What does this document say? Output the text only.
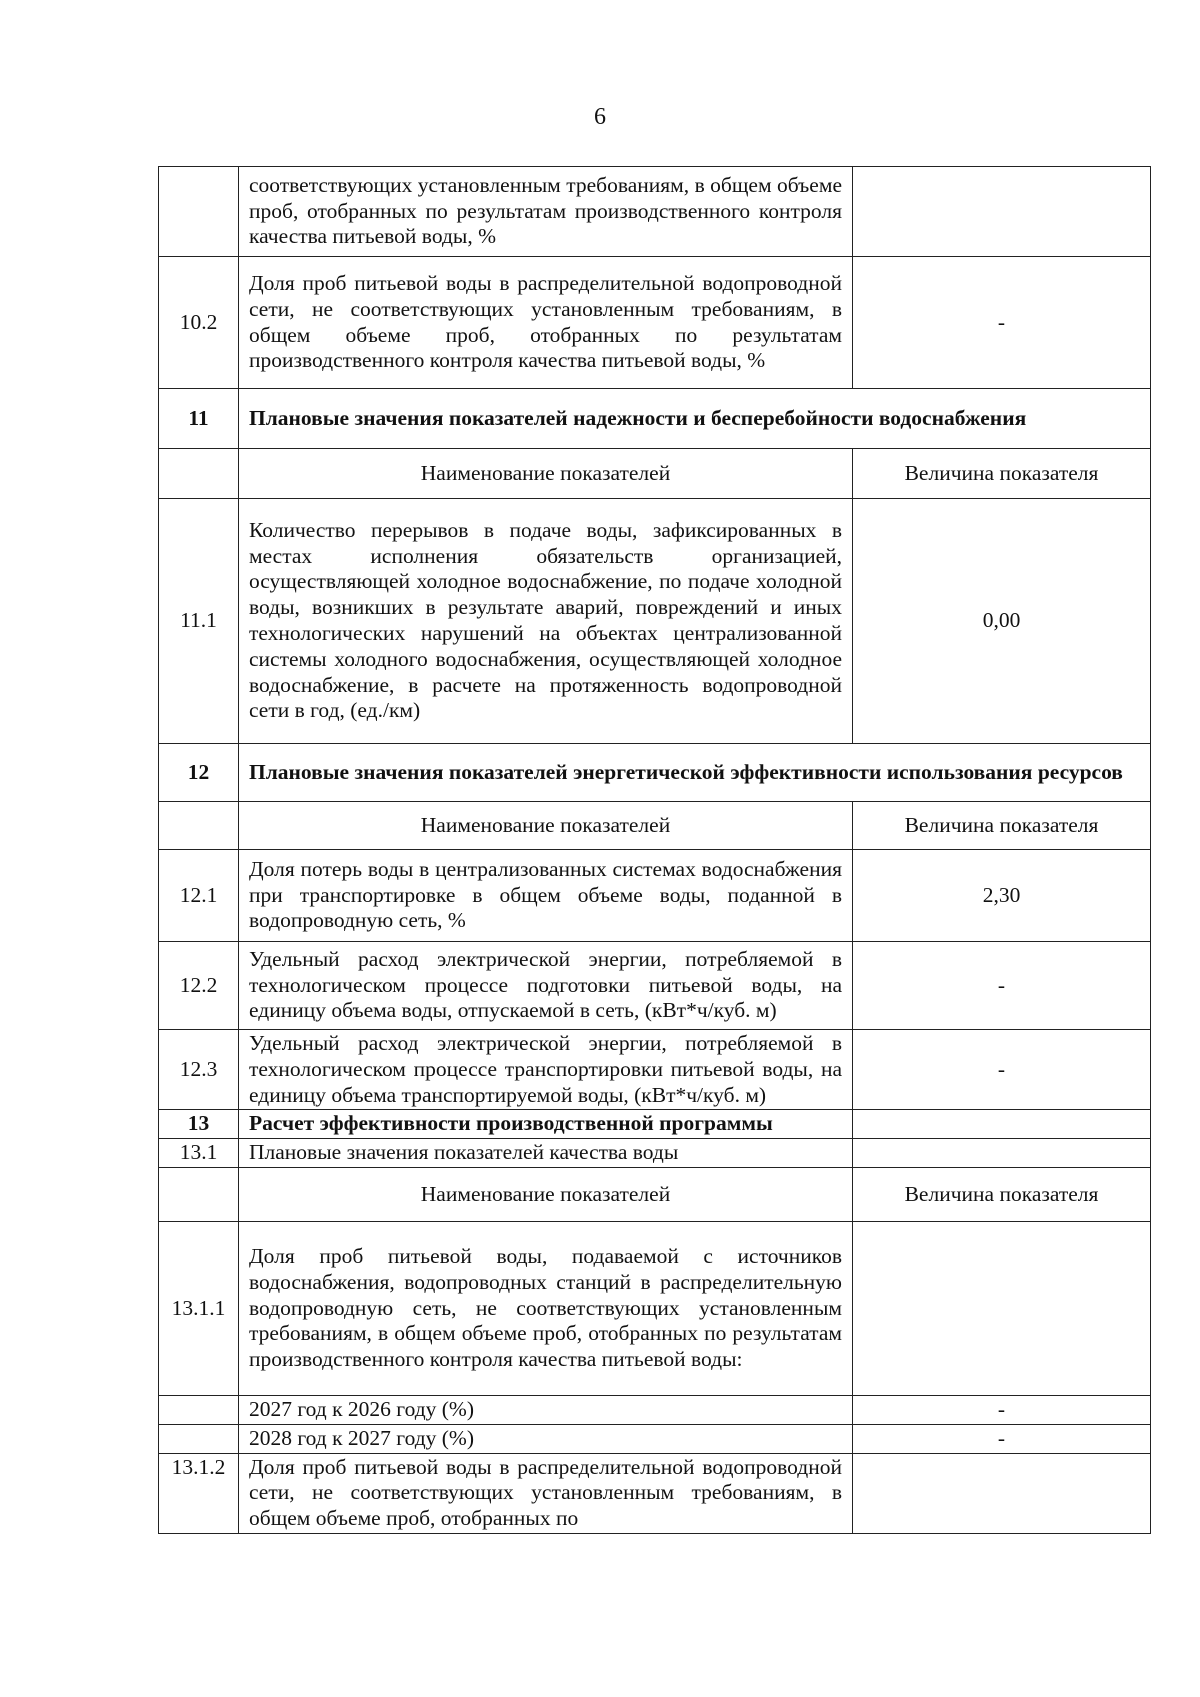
6
	соответствующих установленным требованиям, в общем объеме проб, отобранных по результатам производственного контроля качества питьевой воды, %	
10.2	Доля проб питьевой воды в распределительной водопроводной сети, не соответствующих установленным требованиям, в общем объеме проб, отобранных по результатам производственного контроля качества питьевой воды, %	-
11	Плановые значения показателей надежности и бесперебойности водоснабжения	
	Наименование показателей	Величина показателя
11.1	Количество перерывов в подаче воды, зафиксированных в местах исполнения обязательств организацией, осуществляющей холодное водоснабжение, по подаче холодной воды, возникших в результате аварий, повреждений и иных технологических нарушений на объектах централизованной системы холодного водоснабжения, осуществляющей холодное водоснабжение, в расчете на протяженность водопроводной сети в год, (ед./км)	0,00
12	Плановые значения показателей энергетической эффективности использования ресурсов	
	Наименование показателей	Величина показателя
12.1	Доля потерь воды в централизованных системах водоснабжения при транспортировке в общем объеме воды, поданной в водопроводную сеть, %	2,30
12.2	Удельный расход электрической энергии, потребляемой в технологическом процессе подготовки питьевой воды, на единицу объема воды, отпускаемой в сеть, (кВт*ч/куб. м)	-
12.3	Удельный расход электрической энергии, потребляемой в технологическом процессе транспортировки питьевой воды, на единицу объема транспортируемой воды, (кВт*ч/куб. м)	-
13	Расчет эффективности производственной программы	
13.1	Плановые значения показателей качества воды	
	Наименование показателей	Величина показателя
13.1.1	Доля проб питьевой воды, подаваемой с источников водоснабжения, водопроводных станций в распределительную водопроводную сеть, не соответствующих установленным требованиям, в общем объеме проб, отобранных по результатам производственного контроля качества питьевой воды:	
	2027 год к 2026 году (%)	-
	2028 год к 2027 году (%)	-
13.1.2	Доля проб питьевой воды в распределительной водопроводной сети, не соответствующих установленным требованиям, в общем объеме проб, отобранных по	
